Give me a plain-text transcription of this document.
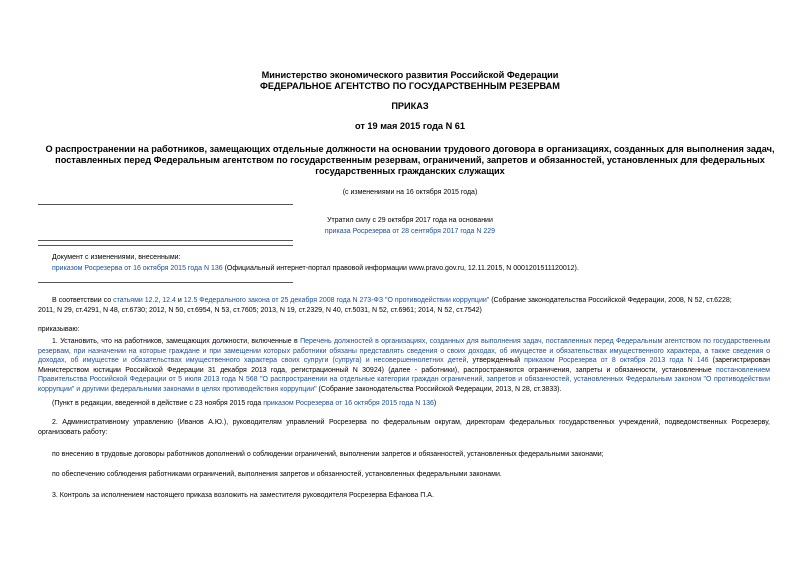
Министерство экономического развития Российской Федерации
ФЕДЕРАЛЬНОЕ АГЕНТСТВО ПО ГОСУДАРСТВЕННЫМ РЕЗЕРВАМ
ПРИКАЗ
от 19 мая 2015 года N 61
О распространении на работников, замещающих отдельные должности на основании трудового договора в организациях, созданных для выполнения задач,
поставленных перед Федеральным агентством по государственным резервам, ограничений, запретов и обязанностей, установленных для федеральных
государственных гражданских служащих
(с изменениями на 16 октября 2015 года)
Утратил силу с 29 октября 2017 года на основании
приказа Росрезерва от 28 сентября 2017 года N 229
Документ с изменениями, внесенными:
приказом Росрезерва от 16 октября 2015 года N 136 (Официальный интернет-портал правовой информации www.pravo.gov.ru, 12.11.2015, N 0001201511120012).
В соответствии со статьями 12.2, 12.4 и 12.5 Федерального закона от 25 декабря 2008 года N 273-ФЗ "О противодействии коррупции" (Собрание законодательства Российской Федерации, 2008, N 52, ст.6228;
2011, N 29, ст.4291, N 48, ст.6730; 2012, N 50, ст.6954, N 53, ст.7605; 2013, N 19, ст.2329, N 40, ст.5031, N 52, ст.6961; 2014, N 52, ст.7542)
приказываю:
1. Установить, что на работников, замещающих должности, включенные в Перечень должностей в организациях, созданных для выполнения задач, поставленных перед Федеральным агентством по государственным резервам, при назначении на которые граждане и при замещении которых работники обязаны представлять сведения о своих доходах, об имуществе и обязательствах имущественного характера, а также сведения о доходах, об имуществе и обязательствах имущественного характера своих супруги (супруга) и несовершеннолетних детей, утвержденный приказом Росрезерва от 8 октября 2013 года N 146 (зарегистрирован Министерством юстиции Российской Федерации 31 декабря 2013 года, регистрационный N 30924) (далее - работники), распространяются ограничения, запреты и обязанности, установленные постановлением Правительства Российской Федерации от 5 июля 2013 года N 568 "О распространении на отдельные категории граждан ограничений, запретов и обязанностей, установленных Федеральным законом "О противодействии коррупции" и другими федеральными законами в целях противодействия коррупции" (Собрание законодательства Российской Федерации, 2013, N 28, ст.3833).
(Пункт в редакции, введенной в действие с 23 ноября 2015 года приказом Росрезерва от 16 октября 2015 года N 136)
2. Административному управлению (Иванов А.Ю.), руководителям управлений Росрезерва по федеральным округам, директорам федеральных государственных учреждений, подведомственных Росрезерву, организовать работу:
по внесению в трудовые договоры работников дополнений о соблюдении ограничений, выполнении запретов и обязанностей, установленных федеральными законами;
по обеспечению соблюдения работниками ограничений, выполнения запретов и обязанностей, установленных федеральными законами.
3. Контроль за исполнением настоящего приказа возложить на заместителя руководителя Росрезерва Ефанова П.А.
